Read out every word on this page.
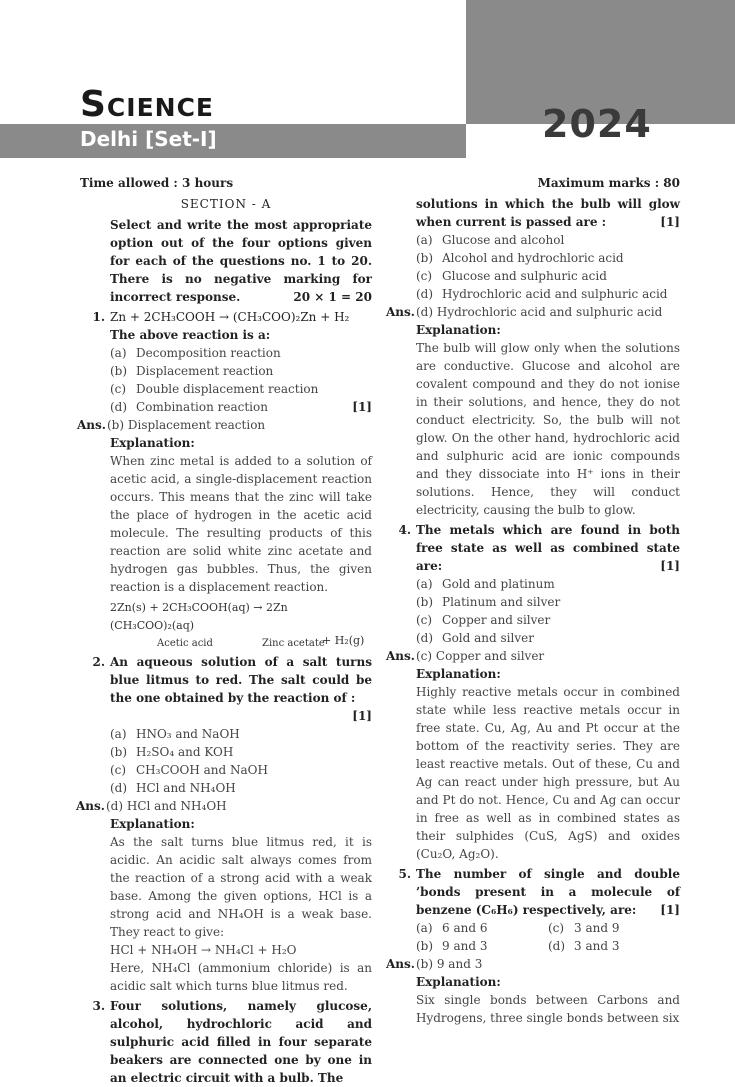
Science
Delhi [Set-I]	2024
Time allowed : 3 hours	Maximum marks : 80

SECTION - A

Select and write the most appropriate option out of the four options given for each of the questions no. 1 to 20. There is no negative marking for incorrect response.	20 × 1 = 20

1. Zn + 2CH₃COOH → (CH₃COO)₂Zn + H₂

The above reaction is a:

(a) Decomposition reaction
(b) Displacement reaction
(c) Double displacement reaction
(d) Combination reaction	[1]
Ans. (b) Displacement reaction

Explanation:

When zinc metal is added to a solution of acetic acid, a single-displacement reaction occurs. This means that the zinc will take the place of hydrogen in the acetic acid molecule. The resulting products of this reaction are solid white zinc acetate and hydrogen gas bubbles. Thus, the given reaction is a displacement reaction.

2Zn(s) + 2CH₃COOH(aq) → 2Zn (CH₃COO)₂(aq)

Acetic acid	Zinc acetate
+ H₂(g)
2. An aqueous solution of a salt turns blue litmus to red. The salt could be the one obtained by the reaction of :
[1]
(a) HNO₃ and NaOH
(b) H₂SO₄ and KOH
(c) CH₃COOH and NaOH
(d) HCl and NH₄OH
Ans. (d) HCl and NH₄OH

Explanation:

As the salt turns blue litmus red, it is acidic. An acidic salt always comes from the reaction of a strong acid with a weak base. Among the given options, HCl is a strong acid and NH₄OH is a weak base. They react to give:

HCl + NH₄OH → NH₄Cl + H₂O

Here, NH₄Cl (ammonium chloride) is an acidic salt which turns blue litmus red.

3. Four solutions, namely glucose, alcohol, hydrochloric acid and sulphuric acid filled in four separate beakers are connected one by one in an electric circuit with a bulb. The

solutions in which the bulb will glow when current is passed are :	[1]

(a) Glucose and alcohol
(b) Alcohol and hydrochloric acid
(c) Glucose and sulphuric acid
(d) Hydrochloric acid and sulphuric acid
Ans. (d) Hydrochloric acid and sulphuric acid

Explanation:

The bulb will glow only when the solutions are conductive. Glucose and alcohol are covalent compound and they do not ionise in their solutions, and hence, they do not conduct electricity. So, the bulb will not glow. On the other hand, hydrochloric acid and sulphuric acid are ionic compounds and they dissociate into H⁺ ions in their solutions. Hence, they will conduct electricity, causing the bulb to glow.

4. The metals which are found in both free state as well as combined state are:	[1]
(a) Gold and platinum
(b) Platinum and silver
(c) Copper and silver
(d) Gold and silver
Ans. (c) Copper and silver

Explanation:

Highly reactive metals occur in combined state while less reactive metals occur in free state. Cu, Ag, Au and Pt occur at the bottom of the reactivity series. They are least reactive metals. Out of these, Cu and Ag can react under high pressure, but Au and Pt do not. Hence, Cu and Ag can occur in free as well as in combined states as their sulphides (CuS, AgS) and oxides (Cu₂O, Ag₂O).

5. The number of single and double ’bonds present in a molecule of benzene (C₆H₆) respectively, are: [1]
(a) 6 and 6	(c) 3 and 9
(b) 9 and 3	(d) 3 and 3
Ans. (b) 9 and 3

Explanation:

Six single bonds between Carbons and Hydrogens, three single bonds between six
